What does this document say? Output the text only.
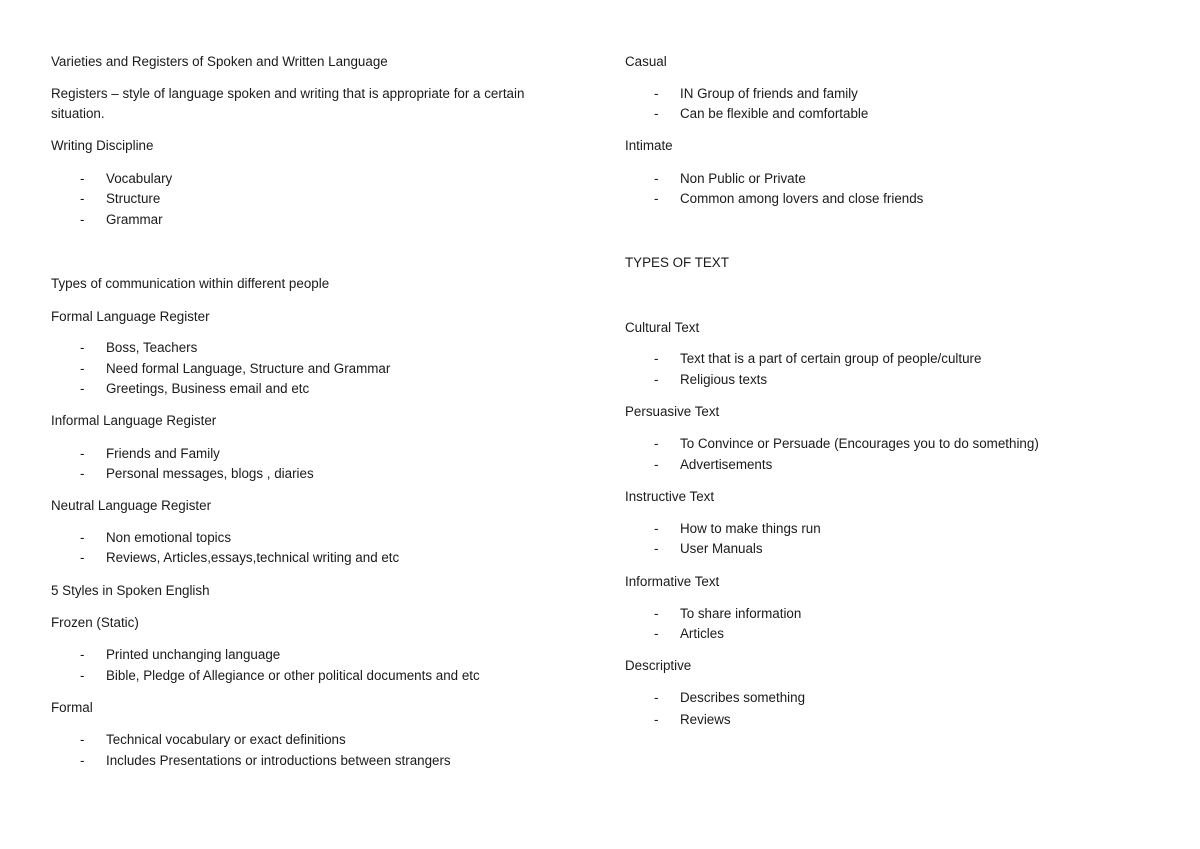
Varieties and Registers of Spoken and Written Language
Registers – style of language spoken and writing that is appropriate for a certain
situation.
Writing Discipline
- Vocabulary
- Structure
- Grammar
Types of communication within different people
Formal Language Register
- Boss, Teachers
- Need formal Language, Structure and Grammar
- Greetings, Business email and etc
Informal Language Register
- Friends and Family
- Personal messages, blogs , diaries
Neutral Language Register
- Non emotional topics
- Reviews, Articles,essays,technical writing and etc
5 Styles in Spoken English
Frozen (Static)
- Printed unchanging language
- Bible, Pledge of Allegiance or other political documents and etc
Formal
- Technical vocabulary or exact definitions
- Includes Presentations or introductions between strangers
Casual
- IN Group of friends and family
- Can be flexible and comfortable
Intimate
- Non Public or Private
- Common among lovers and close friends
TYPES OF TEXT
Cultural Text
- Text that is a part of certain group of people/culture
- Religious texts
Persuasive Text
- To Convince or Persuade (Encourages you to do something)
- Advertisements
Instructive Text
- How to make things run
- User Manuals
Informative Text
- To share information
- Articles
Descriptive
- Describes something
- Reviews
